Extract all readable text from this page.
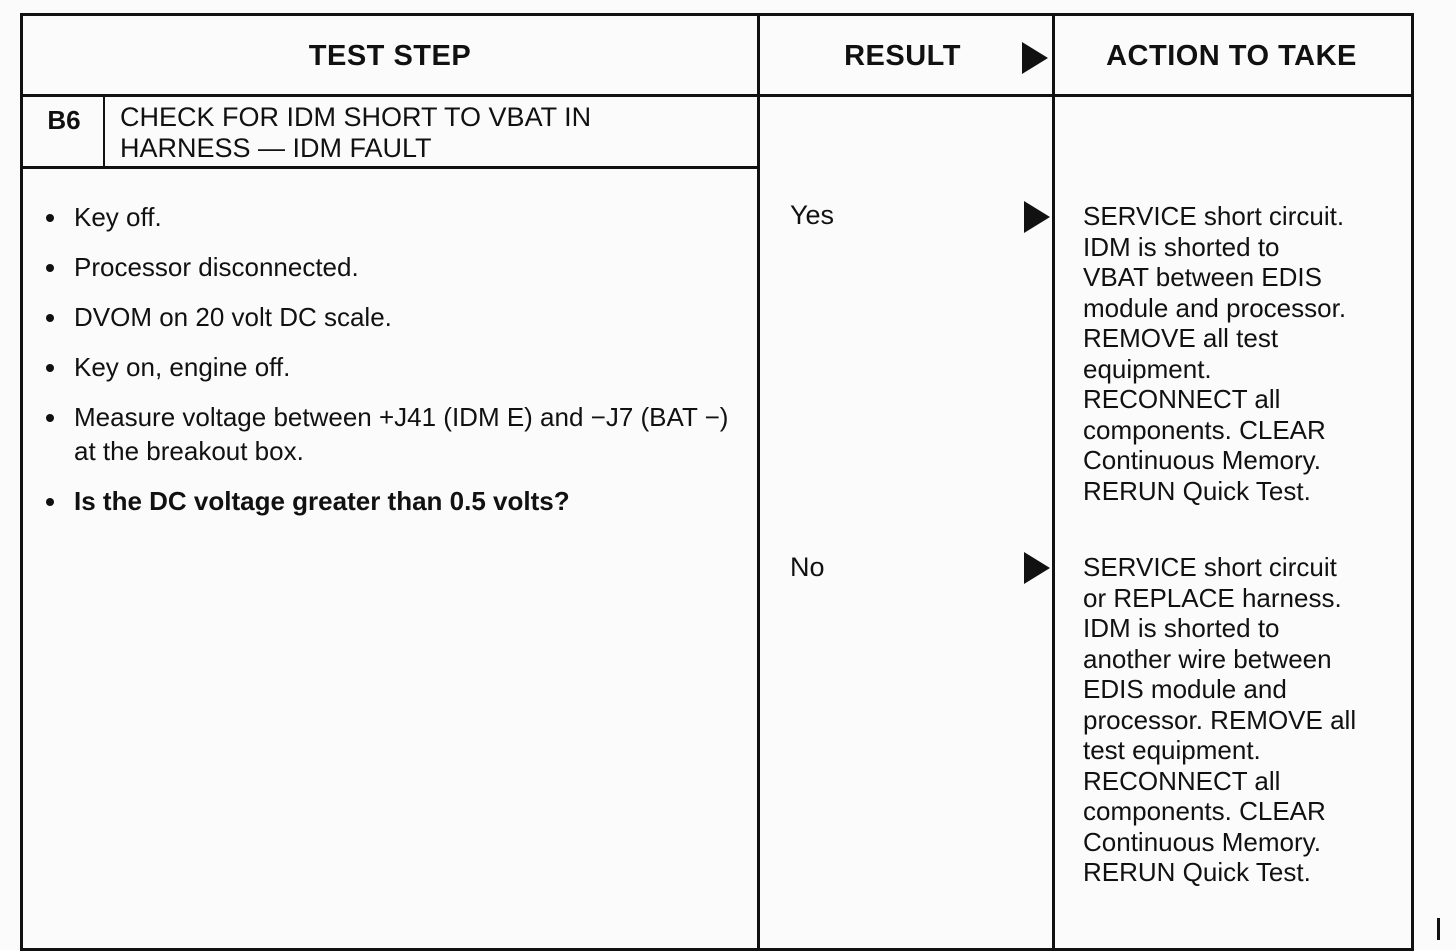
TEST STEP	RESULT	ACTION TO TAKE
B6	CHECK FOR IDM SHORT TO VBAT IN
HARNESS — IDM FAULT
Key off.
Processor disconnected.
DVOM on 20 volt DC scale.
Key on, engine off.
Measure voltage between +J41 (IDM E) and −J7 (BAT −) at the breakout box.
Is the DC voltage greater than 0.5 volts?
Yes	SERVICE short circuit.
IDM is shorted to
VBAT between EDIS
module and processor.
REMOVE all test
equipment.
RECONNECT all
components. CLEAR
Continuous Memory.
RERUN Quick Test.
No	SERVICE short circuit
or REPLACE harness.
IDM is shorted to
another wire between
EDIS module and
processor. REMOVE all
test equipment.
RECONNECT all
components. CLEAR
Continuous Memory.
RERUN Quick Test.
